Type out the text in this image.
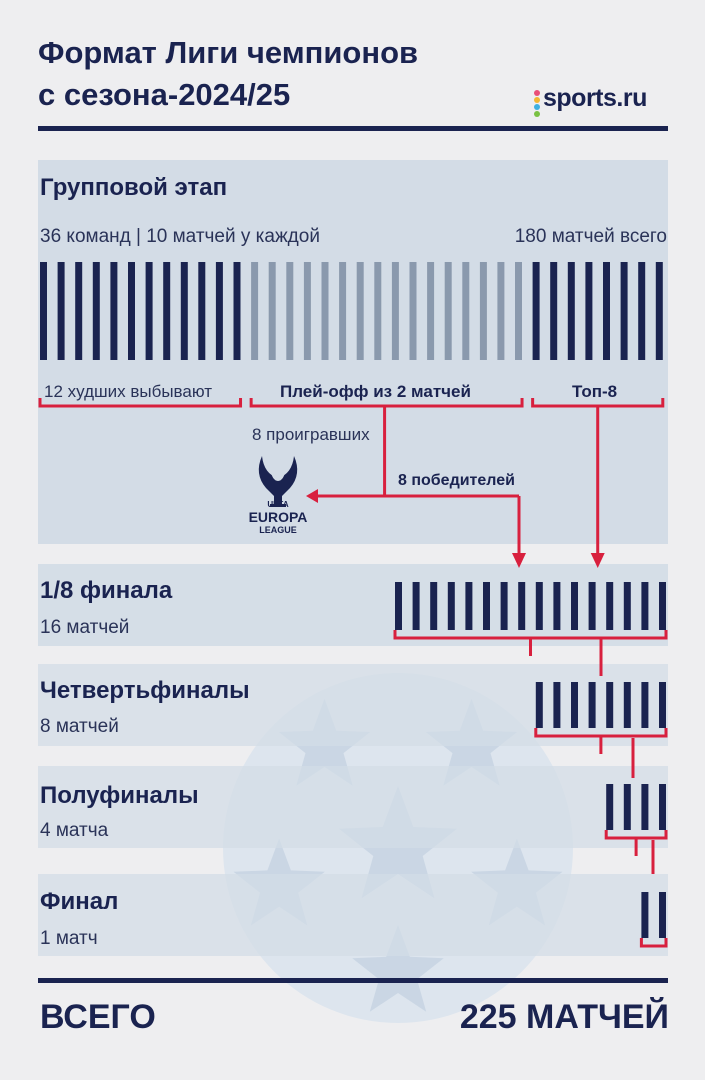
Формат Лиги чемпионов
с сезона-2024/25	sports.ru
Групповой этап
36 команд | 10 матчей у каждой	180 матчей всего
12 худших выбывают	Плей-офф из 2 матчей	Топ-8
8 проигравших
8 победителей
UEFA
EUROPA
LEAGUE
1/8 финала
16 матчей
Четвертьфиналы
8 матчей
Полуфиналы
4 матча
Финал
1 матч
ВСЕГО	225 МАТЧЕЙ
